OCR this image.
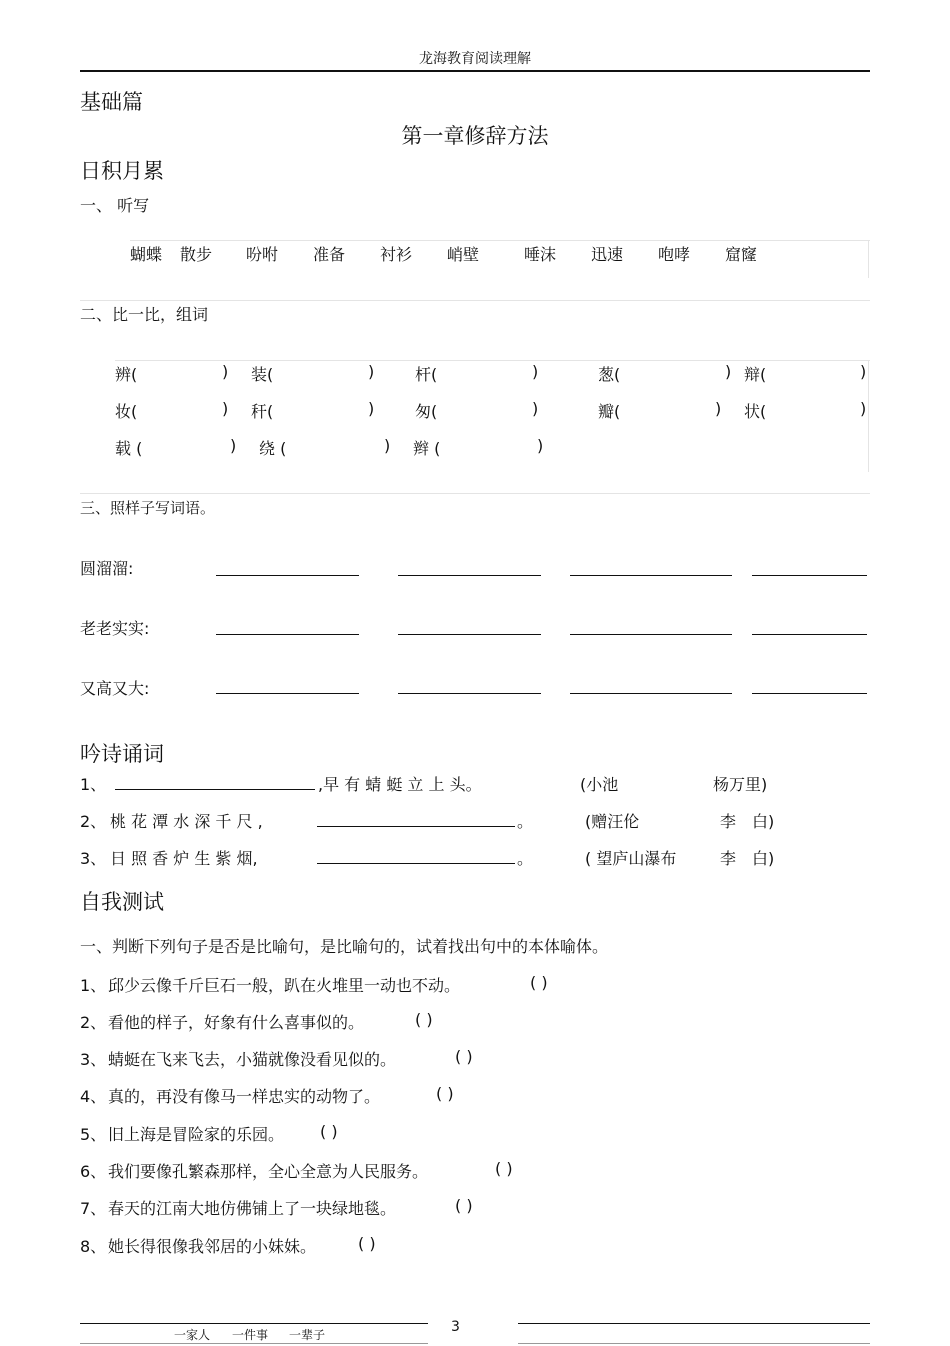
龙海教育阅读理解
基础篇
第一章修辞方法
日积月累
一、 听写
蝴蝶 散步 吩咐 准备 衬衫 峭壁	唾沫 迅速 咆哮 窟窿
二、比一比，组词
辨(	) 装(	)	杆(	)	葱(	) 辩(	)
妆(	) 秆(	)	匆(	)	瓣(	) 状(	)
载 (	) 绕 (	) 辫 (	)
三、照样子写词语。
圆溜溜:
老老实实:
又高又大:
吟诗诵词
1、	,早 有 蜻 蜓 立 上 头。	(小池	杨万里)
2、 桃 花 潭 水 深 千 尺 ,	。	(赠汪伦	李　白)
3、 日 照 香 炉 生 紫 烟,	。	( 望庐山瀑布	李　白)
自我测试
一、判断下列句子是否是比喻句，是比喻句的，试着找出句中的本体喻体。
1、 邱少云像千斤巨石一般，趴在火堆里一动也不动。	( )
2、 看他的样子，好象有什么喜事似的。	( )
3、 蜻蜓在飞来飞去，小猫就像没看见似的。	( )
4、 真的，再没有像马一样忠实的动物了。	( )
5、 旧上海是冒险家的乐园。 ( )
6、 我们要像孔繁森那样，全心全意为人民服务。	( )
7、 春天的江南大地仿佛铺上了一块绿地毯。	( )
8、 她长得很像我邻居的小妹妹。	( )
一家人 一件事 一辈子	3
